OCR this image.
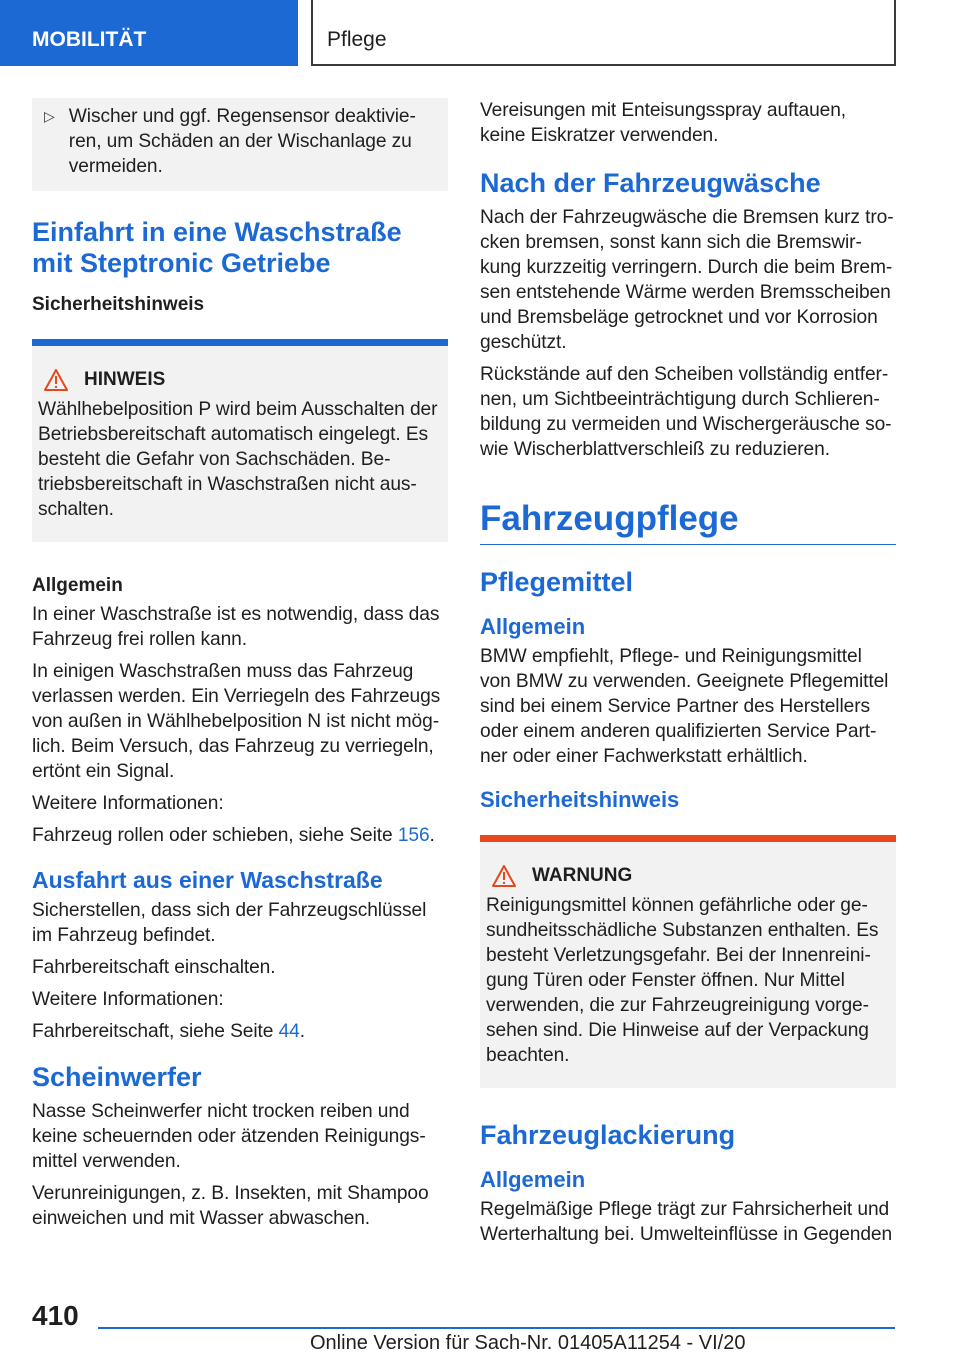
MOBILITÄT	Pflege
▷ Wischer und ggf. Regensensor deaktivieren, um Schäden an der Wischanlage zu vermeiden.

Einfahrt in eine Waschstraße mit Steptronic Getriebe
Sicherheitshinweis
HINWEIS

Wählhebelposition P wird beim Ausschalten der Betriebsbereitschaft automatisch eingelegt. Es besteht die Gefahr von Sachschäden. Betriebsbereitschaft in Waschstraßen nicht ausschalten.

Allgemein

In einer Waschstraße ist es notwendig, dass das Fahrzeug frei rollen kann.

In einigen Waschstraßen muss das Fahrzeug verlassen werden. Ein Verriegeln des Fahrzeugs von außen in Wählhebelposition N ist nicht möglich. Beim Versuch, das Fahrzeug zu verriegeln, ertönt ein Signal.

Weitere Informationen:

Fahrzeug rollen oder schieben, siehe Seite 156.

Ausfahrt aus einer Waschstraße

Sicherstellen, dass sich der Fahrzeugschlüssel im Fahrzeug befindet.

Fahrbereitschaft einschalten.

Weitere Informationen:

Fahrbereitschaft, siehe Seite 44.

Scheinwerfer

Nasse Scheinwerfer nicht trocken reiben und keine scheuernden oder ätzenden Reinigungsmittel verwenden.

Verunreinigungen, z. B. Insekten, mit Shampoo einweichen und mit Wasser abwaschen.

Vereisungen mit Enteisungsspray auftauen, keine Eiskratzer verwenden.

Nach der Fahrzeugwäsche

Nach der Fahrzeugwäsche die Bremsen kurz trocken bremsen, sonst kann sich die Bremswirkung kurzzeitig verringern. Durch die beim Bremsen entstehende Wärme werden Bremsscheiben und Bremsbeläge getrocknet und vor Korrosion geschützt.

Rückstände auf den Scheiben vollständig entfernen, um Sichtbeeinträchtigung durch Schlierenbildung zu vermeiden und Wischergeräusche sowie Wischerblattverschleiß zu reduzieren.

Fahrzeugpflege
Pflegemittel
Allgemein

BMW empfiehlt, Pflege- und Reinigungsmittel von BMW zu verwenden. Geeignete Pflegemittel sind bei einem Service Partner des Herstellers oder einem anderen qualifizierten Service Partner oder einer Fachwerkstatt erhältlich.

Sicherheitshinweis
WARNUNG

Reinigungsmittel können gefährliche oder gesundheitsschädliche Substanzen enthalten. Es besteht Verletzungsgefahr. Bei der Innenreinigung Türen oder Fenster öffnen. Nur Mittel verwenden, die zur Fahrzeugreinigung vorgesehen sind. Die Hinweise auf der Verpackung beachten.

Fahrzeuglackierung
Allgemein

Regelmäßige Pflege trägt zur Fahrsicherheit und Werterhaltung bei. Umwelteinflüsse in Gegenden

410
Online Version für Sach-Nr. 01405A11254 - VI/20
